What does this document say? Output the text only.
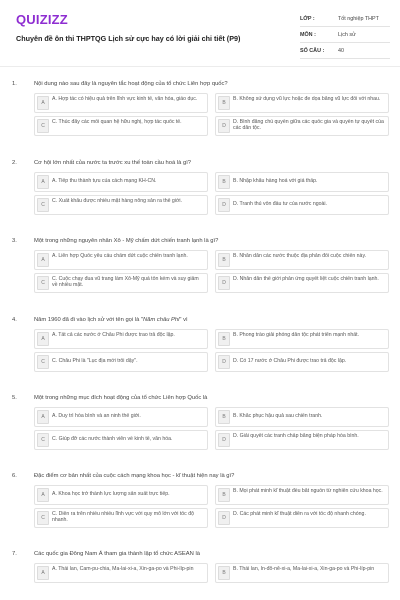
QUIZIZZ
Chuyên đề ôn thi THPTQG Lịch sử cực hay có lời giải chi tiết (P9)
LỚP :	Tốt nghiệp THPT
MÔN :	Lịch sử
SỐ CÂU :	40
1.	Nội dung nào sau đây là nguyên tắc hoạt động của tổ chức Liên hợp quốc?
A
A. Hợp tác có hiệu quả trên lĩnh vực kinh tế, văn hóa, giáo dục.
B
B. Không sử dụng vũ lực hoặc đe dọa bằng vũ lực đối với nhau.
C
C. Thúc đẩy các mối quan hệ hữu nghị, hợp tác quốc tế.
D
D. Bình đẳng chủ quyền giữa các quốc gia và quyền tự quyết của các dân tộc.
2.	Cơ hội lớn nhất của nước ta trước xu thế toàn cầu hoá là gì?
A	A. Tiếp thu thành tựu của cách mạng KH-CN.	B	B. Nhập khẩu hàng hoá với giá thấp.
C
C. Xuất khẩu được nhiều mặt hàng nông sản ra thế giới.
D	D. Tranh thủ vốn đầu tư của nước ngoài.
3.	Một trong những nguyên nhân Xô - Mỹ chấm dứt chiến tranh lạnh là gì?
A
A. Liên hợp Quốc yêu cầu chấm dứt cuộc chiến tranh lạnh.
B
B. Nhân dân các nước thuộc địa phản đối cuộc chiến này.
C
C. Cuộc chạy đua vũ trang làm Xô-Mỹ quá tốn kém và suy giảm về nhiều mặt.	D
D. Nhân dân thế giới phản ứng quyết liệt cuộc chiến tranh lạnh.
4.	Năm 1960 đã đi vào lịch sử với tên gọi là "Năm châu Phi" vì
A
A. Tất cả các nước ở Châu Phi được trao trả độc lập.
B
B. Phong trào giải phóng dân tộc phát triển mạnh nhất.
C	C. Châu Phi là "Lục địa mới trỗi dậy".	D	D. Có 17 nước ở Châu Phi được trao trả độc lập.
5.	Một trong những mục đích hoạt động của tổ chức Liên hợp Quốc là
A	A. Duy trì hòa bình và an ninh thế giới.	B	B. Khắc phục hậu quả sau chiến tranh.
C	C. Giúp đỡ các nước thành viên về kinh tế, văn hóa.	D
D. Giải quyết các tranh chấp bằng biện pháp hòa bình.
6.	Đặc điểm cơ bản nhất của cuộc cách mạng khoa học - kĩ thuật hiện nay là gì?
A	A. Khoa học trở thành lực lượng sản xuất trực tiếp.	B
B. Mọi phát minh kĩ thuật đều bắt nguồn từ nghiên cứu khoa học.
C
C. Diễn ra trên nhiều nhiều lĩnh vực với quy mô lớn với tốc độ nhanh.	D
D. Các phát minh kĩ thuật diễn ra với tốc độ nhanh chóng.
7.	Các quốc gia Đông Nam Á tham gia thành lập tổ chức ASEAN là
A
A. Thái lan, Cam-pu-chia, Ma-lai-xi-a, Xin-ga-po và Phi-líp-pin
B
B. Thái lan, In-đô-nê-xi-a, Ma-lai-xi-a, Xin-ga-po và Phi-líp-pin
